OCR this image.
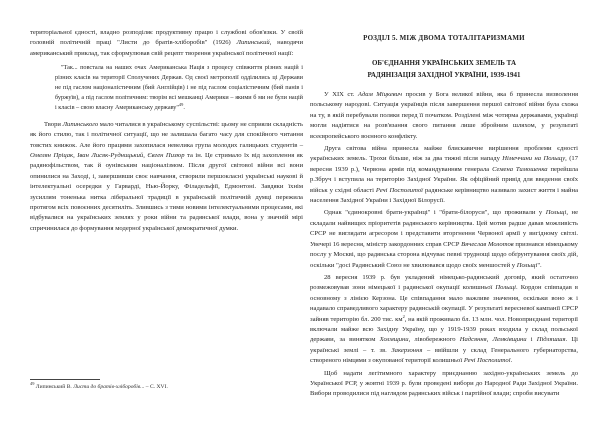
територіальної єдності, владно розподіляє продуктивну працю і службові обов'язки. У своїй головній політичній праці "Листи до братів-хліборобів" (1926) Липинський, наводячи американський приклад, так сформулював свій рецепт творення української політичної нації:

"Так... повстала на наших очах Американська Нація з процесу співжиття різних націй і різних класів на території Сполучених Держав. Од своєї метрополії одділились ці Держави не під гаслом націоналістичним (бий Англійців) і не під гаслом соціалістичним (бий панів і буржуїв), а під гаслом політичним: творім всі мешканці Америки – якими б ми не були націй і класів – свою власну Американську державу"$^{49}$.

Твори Липинського мало читалися в українському суспільстві: цьому не сприяли складність як його стилю, так і політичної ситуації, що не залишала багато часу для спокійного читання товстих книжок. Але його працями захопилася невелика група молодих галицьких студентів – Омелян Пріцак, Іван Лисяк-Рудницький, Євген Пизюр та ін. Це стримало їх від захоплення як радянофільством, так й оунівським націоналізмом. Після другої світової війни всі вони опинилися на Заході, і, завершивши своє навчання, створили першокласні українські наукові й інтелектуальні осередки у Гарварді, Нью-Йорку, Філадельфії, Едмонтоні. Завдяки їхнім зусиллям тоненька нитка ліберальної традиції в українській політичній думці пережила протягом всіх повоєнних десятиліть. Злившись з тими новими інтелектуальними процесами, які відбувалися на українських землях у роки війни та радянської влади, вона у значній мірі спричинилася до формування модерної української демократичної думки.

$^{49}$ Липинський В. Листи до братів-хліборобів... – С. XVI.

РОЗДІЛ 5. МІЖ ДВОМА ТОТАЛІТАРИЗМАМИ
ОБ'ЄДНАННЯ УКРАЇНСЬКИХ ЗЕМЕЛЬ ТА
РАДЯНІЗАЦІЯ ЗАХІДНОЇ УКРАЇНИ, 1939-1941

У XIX ст. Адам Міцкевич просив у Бога великої війни, яка б принесла визволення польському народові. Ситуація українців після завершення першої світової війни була схожа на ту, в якій перебували поляки перед її початком. Розділені між чотирма державами, українці могли надіятися на розв'язання свого питання лише збройним шляхом, у результаті всеєвропейського воєнного конфлікту.

Друга світова війна принесла майже блискавичне вирішення проблеми єдності українських земель. Трохи більше, ніж за два тижні після нападу Німеччини на Польщу, (17 вересня 1939 р.), Червона армія під командуванням генерала Семена Тимошенка перейшла р.Збруч і вступила на територію Західної України. Як офіційний привід для введення своїх військ у східні області Речі Посполитої радянське керівництво називало захист життя і майна населення Західної України і Західної Білорусії.

Однак "єдинокровні брати-українці" і "брати-білоруси", що проживали у Польщі, не складали найвищих пріоритетів радянського керівництва. Цей мотив радше давав можливість СРСР не виглядати агресором і представити вторгнення Червоної армії у вигідному світлі. Увечері 16 вересня, міністр закордонних справ СРСР Вячеслав Молотов признався німецькому послу у Москві, що радянська сторона відчуває певні труднощі щодо обґрунтування своїх дій, оскільки "досі Радянський Союз не хвилювався щодо своїх меншостей у Польщі".

28 вересня 1939 р. був укладений німецько-радянський договір, який остаточно розмежовував зони німецької і радянської окупації колишньої Польщі. Кордон співпадав в основному з лінією Керзона. Це співпадання мало важливе значення, оскільки воно ж і надавало справедливого характеру радянській окупації. У результаті вересневої кампанії СРСР зайняв територію бл. 200 тис. $км^2$, на якій проживало бл. 13 млн. чол. Новоприєднані території включали майже всю Західну Україну, що у 1919-1939 роках входила у склад польської держави, за винятком Холмщини, лівобережного Надсяння, Лемківщини і Підляшшя. Ці українські землі – т. зв. Закерзоння – ввійшли у склад Генерального губернаторства, створеного німцями з окупованої території колишньої Речі Посполитої.

Щоб надати легітимного характеру приєднанню західно-українських земель до Української РСР, у жовтні 1939 р. були проведені вибори до Народної Ради Західної України. Вибори проводилися під наглядом радянських військ і партійної влади; спроби висувати
